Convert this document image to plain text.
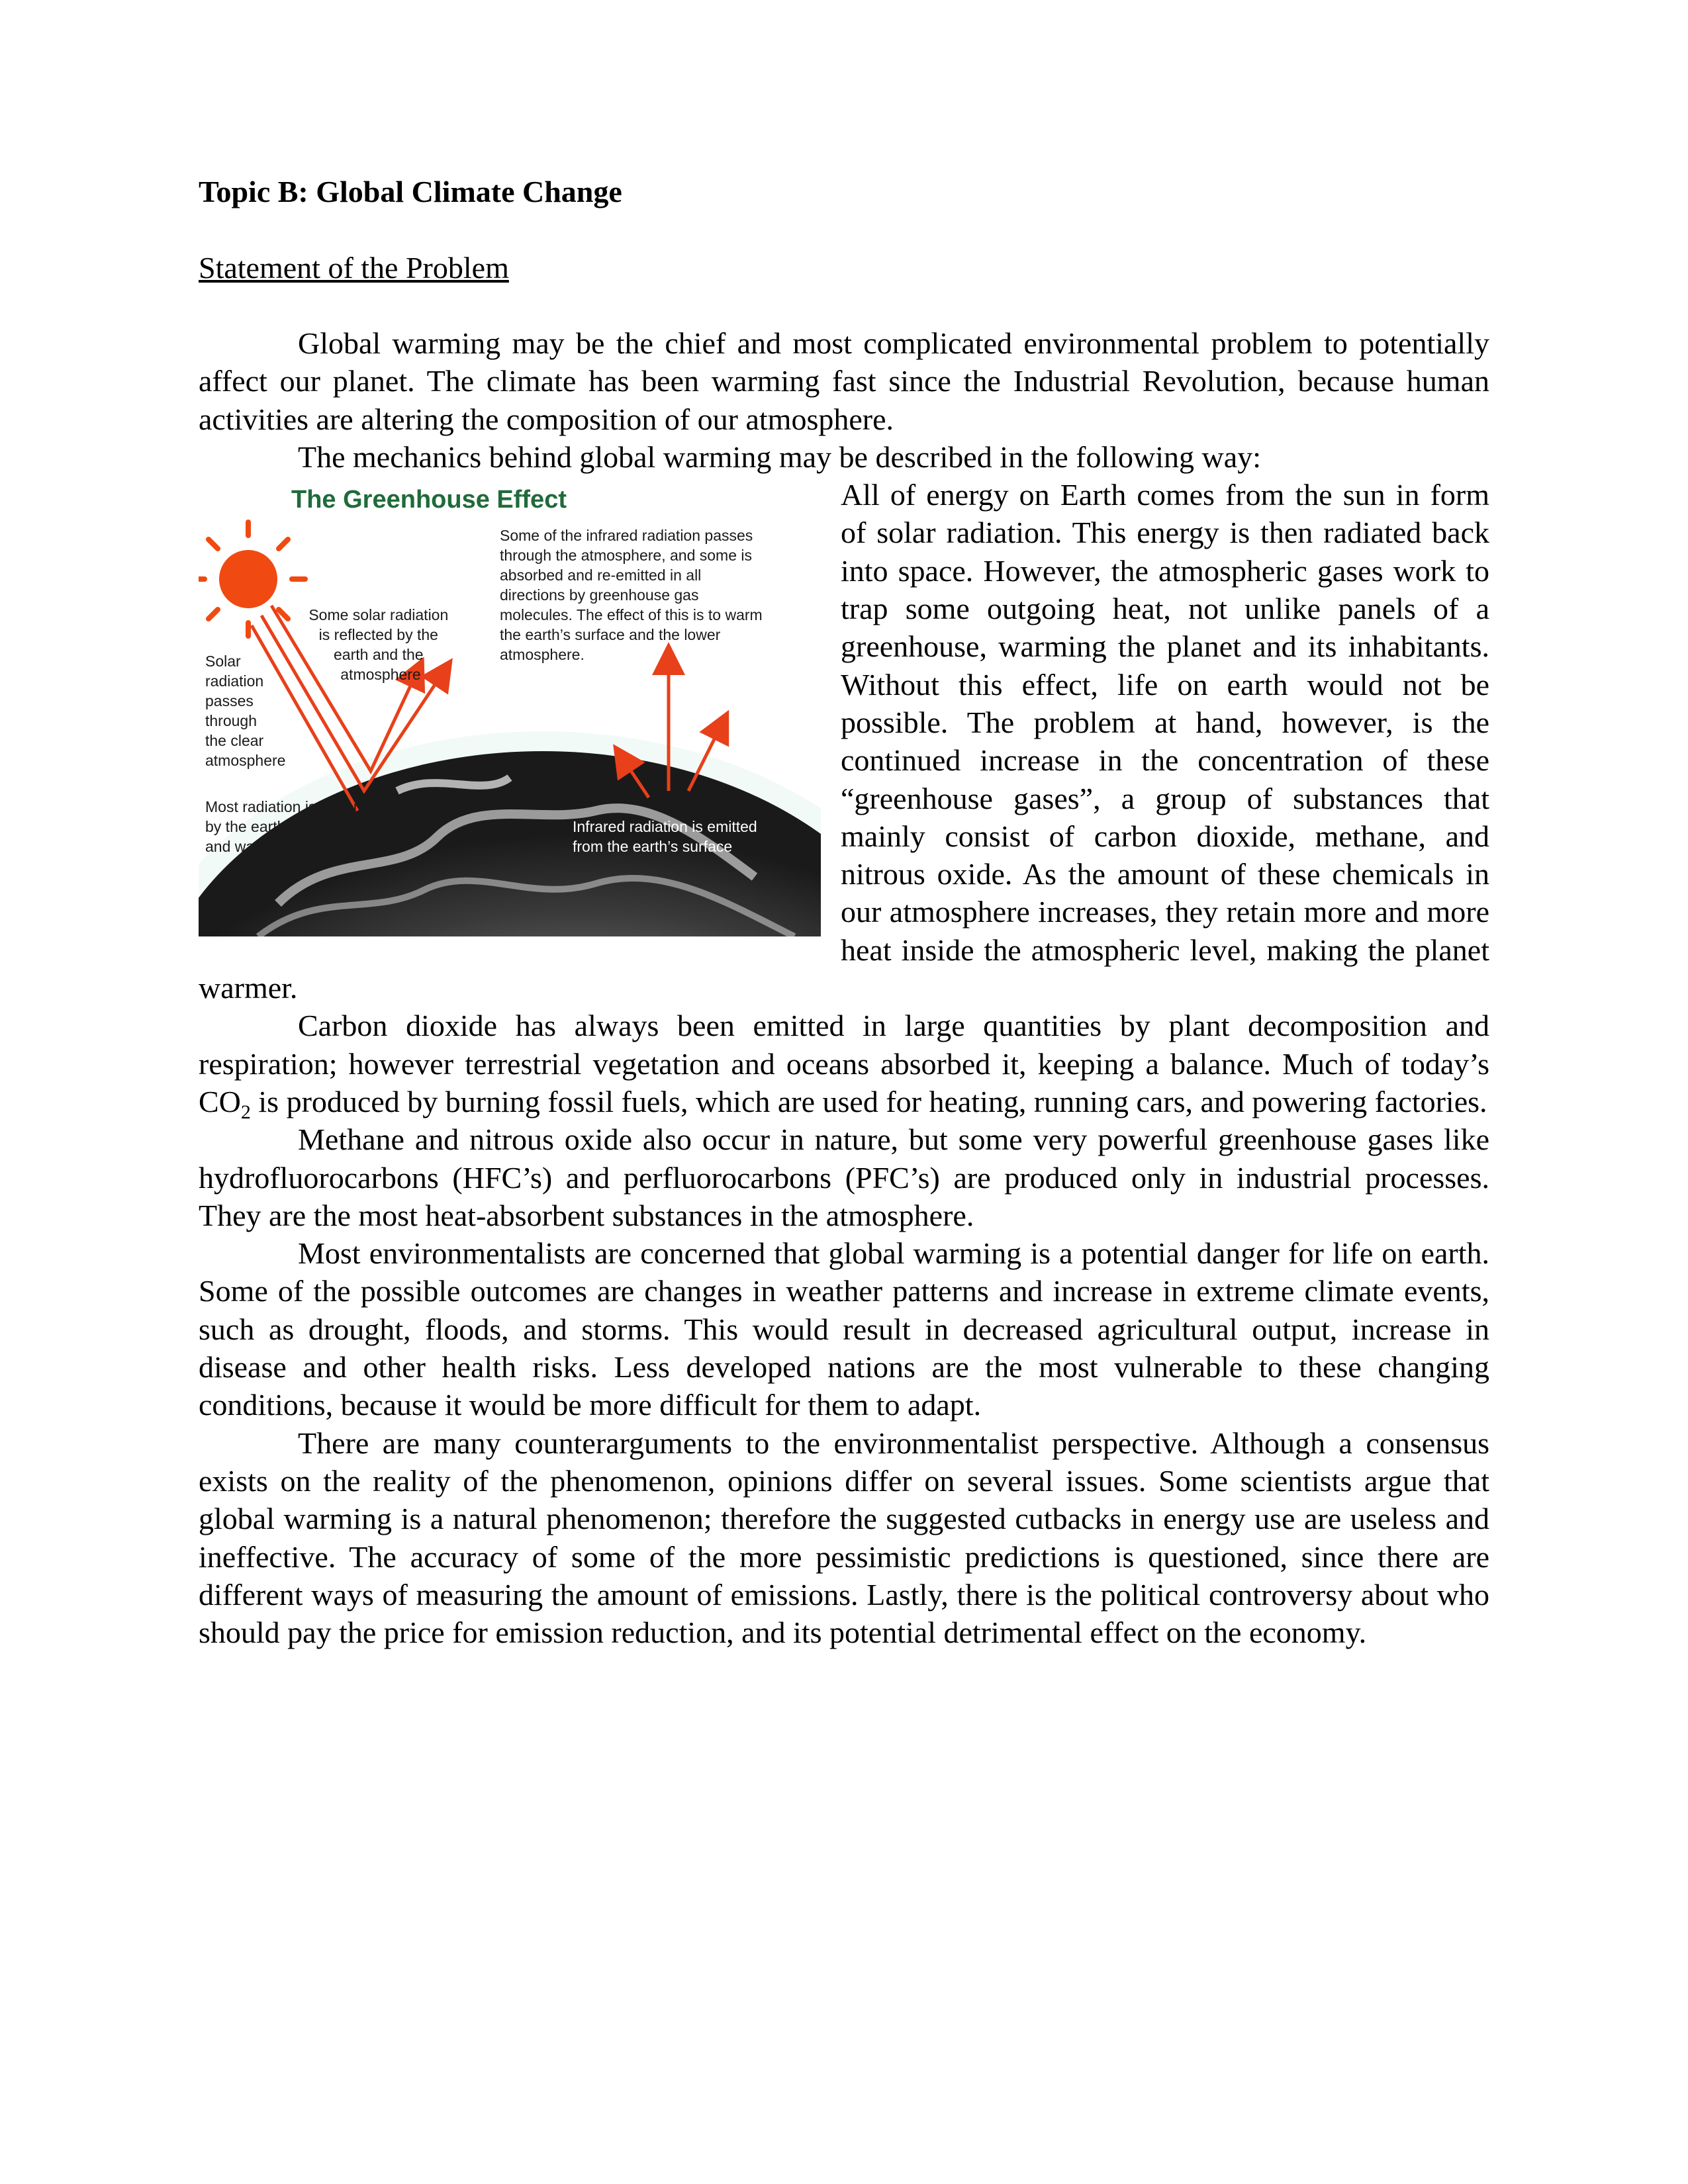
Topic B: Global Climate Change
Statement of the Problem

Global warming may be the chief and most complicated environmental problem to potentially affect our planet. The climate has been warming fast since the Industrial Revolution, because human activities are altering the composition of our atmosphere.

The mechanics behind global warming may be described in the following way:

The Greenhouse Effect
Solar radiation passes through the clear atmosphere
Some solar radiation is reflected by the earth and the atmosphere
Some of the infrared radiation passes through the atmosphere, and some is absorbed and re-emitted in all directions by greenhouse gas molecules. The effect of this is to warm the earth’s surface and the lower atmosphere.
Most radiation is absorbed by the earth’s surface and warms it
Infrared radiation is emitted from the earth’s surface

All of energy on Earth comes from the sun in form of solar radiation. This energy is then radiated back into space. However, the atmospheric gases work to trap some outgoing heat, not unlike panels of a greenhouse, warming the planet and its inhabitants. Without this effect, life on earth would not be possible. The problem at hand, however, is the continued increase in the concentration of these “greenhouse gases”, a group of substances that mainly consist of carbon dioxide, methane, and nitrous oxide. As the amount of these chemicals in our atmosphere increases, they retain more and more heat inside the atmospheric level, making the planet warmer.

Carbon dioxide has always been emitted in large quantities by plant decomposition and respiration; however terrestrial vegetation and oceans absorbed it, keeping a balance. Much of today’s $CO_2$ is produced by burning fossil fuels, which are used for heating, running cars, and powering factories.

Methane and nitrous oxide also occur in nature, but some very powerful greenhouse gases like hydrofluorocarbons (HFC’s) and perfluorocarbons (PFC’s) are produced only in industrial processes. They are the most heat-absorbent substances in the atmosphere.

Most environmentalists are concerned that global warming is a potential danger for life on earth. Some of the possible outcomes are changes in weather patterns and increase in extreme climate events, such as drought, floods, and storms. This would result in decreased agricultural output, increase in disease and other health risks. Less developed nations are the most vulnerable to these changing conditions, because it would be more difficult for them to adapt.

There are many counterarguments to the environmentalist perspective. Although a consensus exists on the reality of the phenomenon, opinions differ on several issues. Some scientists argue that global warming is a natural phenomenon; therefore the suggested cutbacks in energy use are useless and ineffective. The accuracy of some of the more pessimistic predictions is questioned, since there are different ways of measuring the amount of emissions. Lastly, there is the political controversy about who should pay the price for emission reduction, and its potential detrimental effect on the economy.
